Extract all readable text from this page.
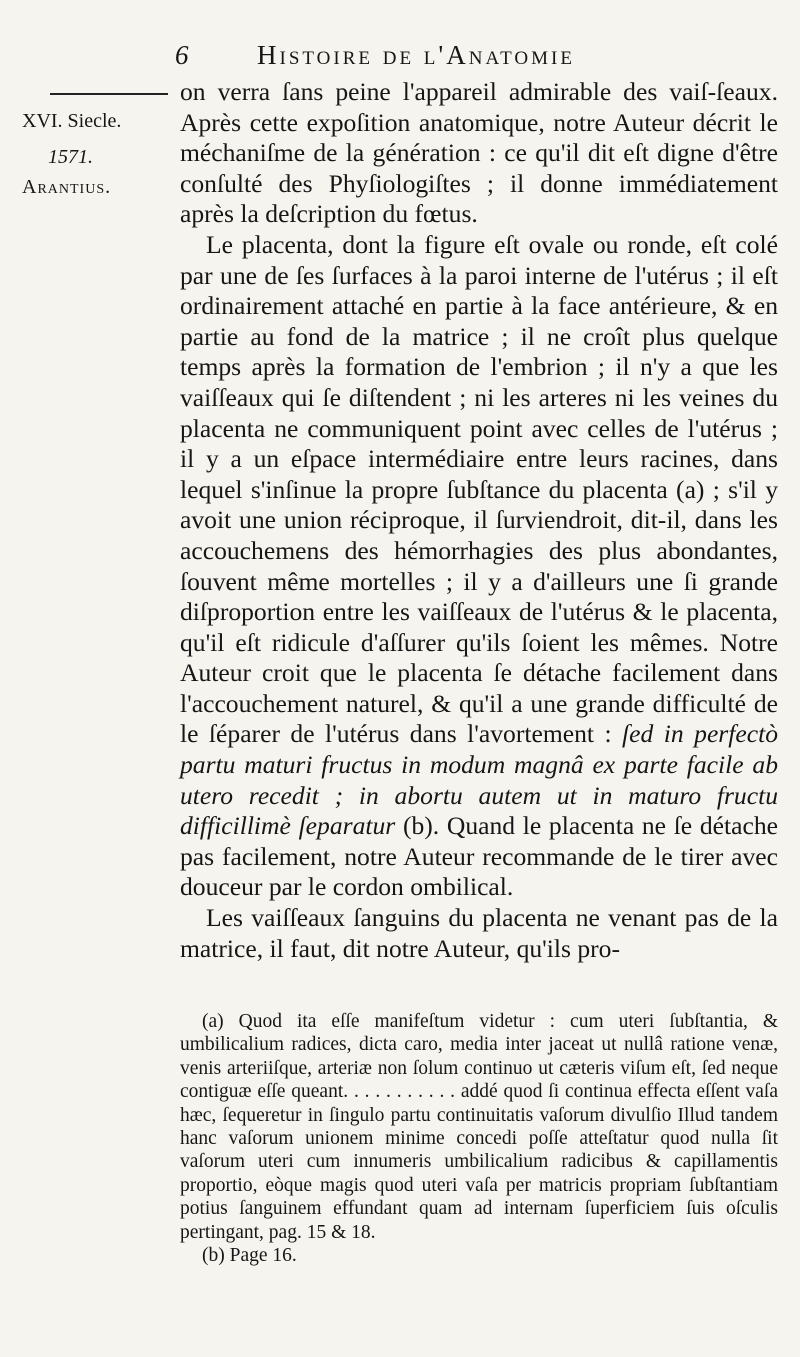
6 Histoire de l'Anatomie
XVI. Siecle.
1571.
Arantius.

on verra ſans peine l'appareil admirable des vaiſ-ſeaux. Après cette expoſition anatomique, notre Auteur décrit le méchaniſme de la génération : ce qu'il dit eſt digne d'être conſulté des Phyſiologiſtes ; il donne immédiatement après la deſcription du fœtus.

Le placenta, dont la figure eſt ovale ou ronde, eſt colé par une de ſes ſurfaces à la paroi interne de l'utérus ; il eſt ordinairement attaché en partie à la face antérieure, & en partie au fond de la matrice ; il ne croît plus quelque temps après la formation de l'embrion ; il n'y a que les vaiſſeaux qui ſe diſtendent ; ni les arteres ni les veines du placenta ne communiquent point avec celles de l'utérus ; il y a un eſpace intermédiaire entre leurs racines, dans lequel s'inſinue la propre ſubſtance du placenta (a) ; s'il y avoit une union réciproque, il ſurviendroit, dit-il, dans les accouchemens des hémorrhagies des plus abondantes, ſouvent même mortelles ; il y a d'ailleurs une ſi grande diſproportion entre les vaiſſeaux de l'utérus & le placenta, qu'il eſt ridicule d'aſſurer qu'ils ſoient les mêmes. Notre Auteur croit que le placenta ſe détache facilement dans l'accouchement naturel, & qu'il a une grande difficulté de le ſéparer de l'utérus dans l'avortement : ſed in perfectò partu maturi fructus in modum magnâ ex parte facile ab utero recedit ; in abortu autem ut in maturo fructu difficillimè ſeparatur (b). Quand le placenta ne ſe détache pas facilement, notre Auteur recommande de le tirer avec douceur par le cordon ombilical.

Les vaiſſeaux ſanguins du placenta ne venant pas de la matrice, il faut, dit notre Auteur, qu'ils pro-

(a) Quod ita eſſe manifeſtum videtur : cum uteri ſubſtantia, & umbilicalium radices, dicta caro, media inter jaceat ut nullâ ratione venæ, venis arteriiſque, arteriæ non ſolum continuo ut cæteris viſum eſt, ſed neque contiguæ eſſe queant. . . . . . . . . . . addé quod ſi continua effecta eſſent vaſa hæc, ſequeretur in ſingulo partu continuitatis vaſorum divulſio Illud tandem hanc vaſorum unionem minime concedi poſſe atteſtatur quod nulla ſit vaſorum uteri cum innumeris umbilicalium radicibus & capillamentis proportio, eòque magis quod uteri vaſa per matricis propriam ſubſtantiam potius ſanguinem effundant quam ad internam ſuperficiem ſuis oſculis pertingant, pag. 15 & 18.

(b) Page 16.
